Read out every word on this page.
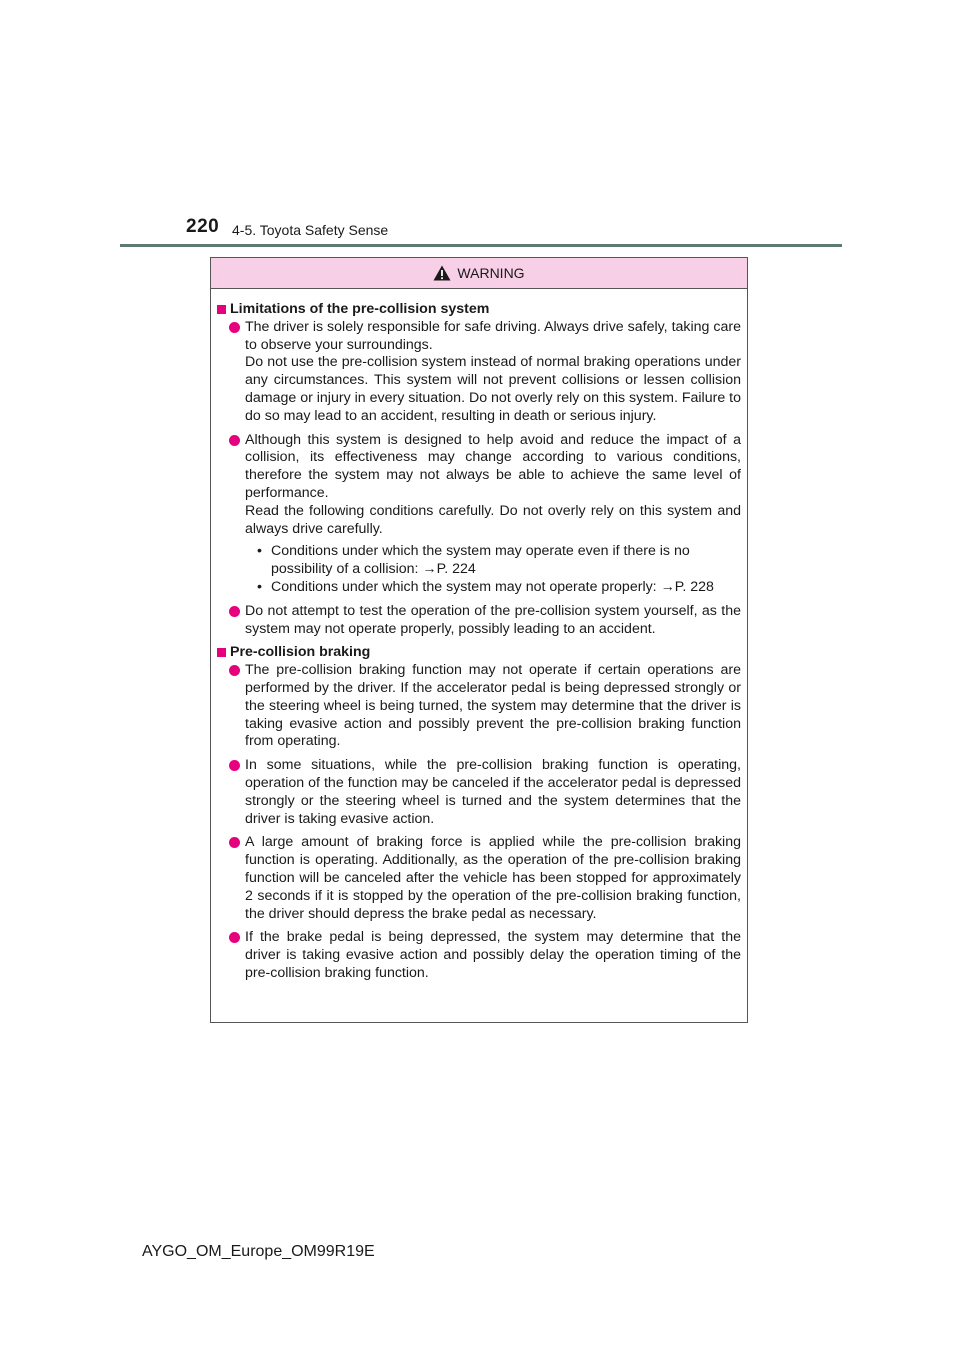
220 4-5. Toyota Safety Sense
WARNING
Limitations of the pre-collision system

The driver is solely responsible for safe driving. Always drive safely, taking care to observe your surroundings.

Do not use the pre-collision system instead of normal braking operations under any circumstances. This system will not prevent collisions or lessen collision damage or injury in every situation. Do not overly rely on this system. Failure to do so may lead to an accident, resulting in death or serious injury.

Although this system is designed to help avoid and reduce the impact of a collision, its effectiveness may change according to various conditions, therefore the system may not always be able to achieve the same level of performance.

Read the following conditions carefully. Do not overly rely on this system and always drive carefully.

• Conditions under which the system may operate even if there is no possibility of a collision: →P. 224
• Conditions under which the system may not operate properly: →P. 228

Do not attempt to test the operation of the pre-collision system yourself, as the system may not operate properly, possibly leading to an accident.

Pre-collision braking

The pre-collision braking function may not operate if certain operations are performed by the driver. If the accelerator pedal is being depressed strongly or the steering wheel is being turned, the system may determine that the driver is taking evasive action and possibly prevent the pre-collision braking function from operating.

In some situations, while the pre-collision braking function is operating, operation of the function may be canceled if the accelerator pedal is depressed strongly or the steering wheel is turned and the system determines that the driver is taking evasive action.

A large amount of braking force is applied while the pre-collision braking function is operating. Additionally, as the operation of the pre-collision braking function will be canceled after the vehicle has been stopped for approximately 2 seconds if it is stopped by the operation of the pre-collision braking function, the driver should depress the brake pedal as necessary.

If the brake pedal is being depressed, the system may determine that the driver is taking evasive action and possibly delay the operation timing of the pre-collision braking function.

AYGO_OM_Europe_OM99R19E
